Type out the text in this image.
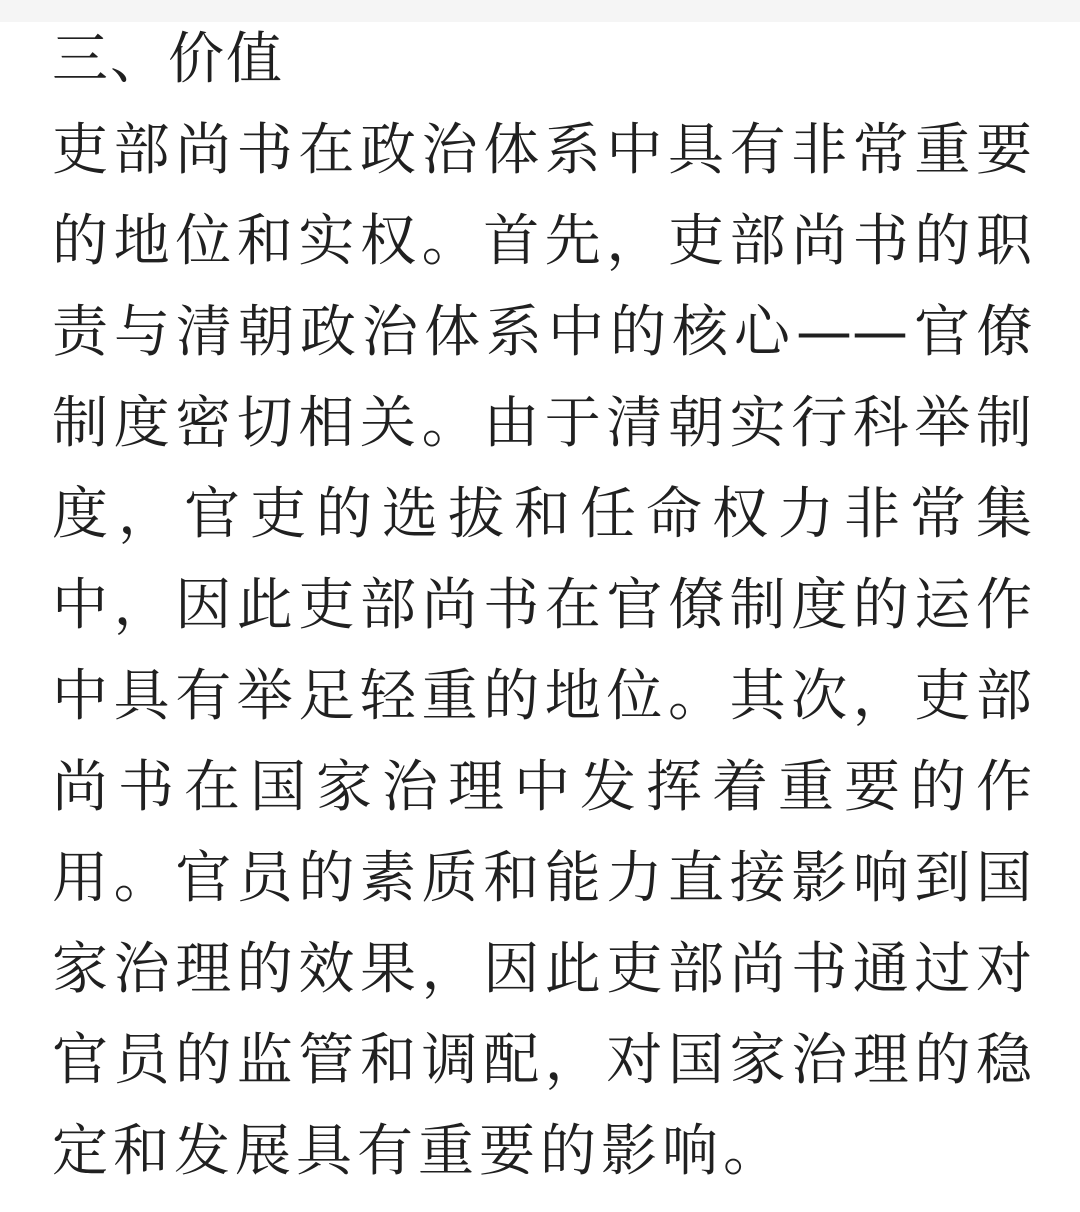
三、价值
吏部尚书在政治体系中具有非常重要
的地位和实权。首先，吏部尚书的职
责与清朝政治体系中的核心——官僚
制度密切相关。由于清朝实行科举制
度，官吏的选拔和任命权力非常集
中，因此吏部尚书在官僚制度的运作
中具有举足轻重的地位。其次，吏部
尚书在国家治理中发挥着重要的作
用。官员的素质和能力直接影响到国
家治理的效果，因此吏部尚书通过对
官员的监管和调配，对国家治理的稳
定和发展具有重要的影响。
